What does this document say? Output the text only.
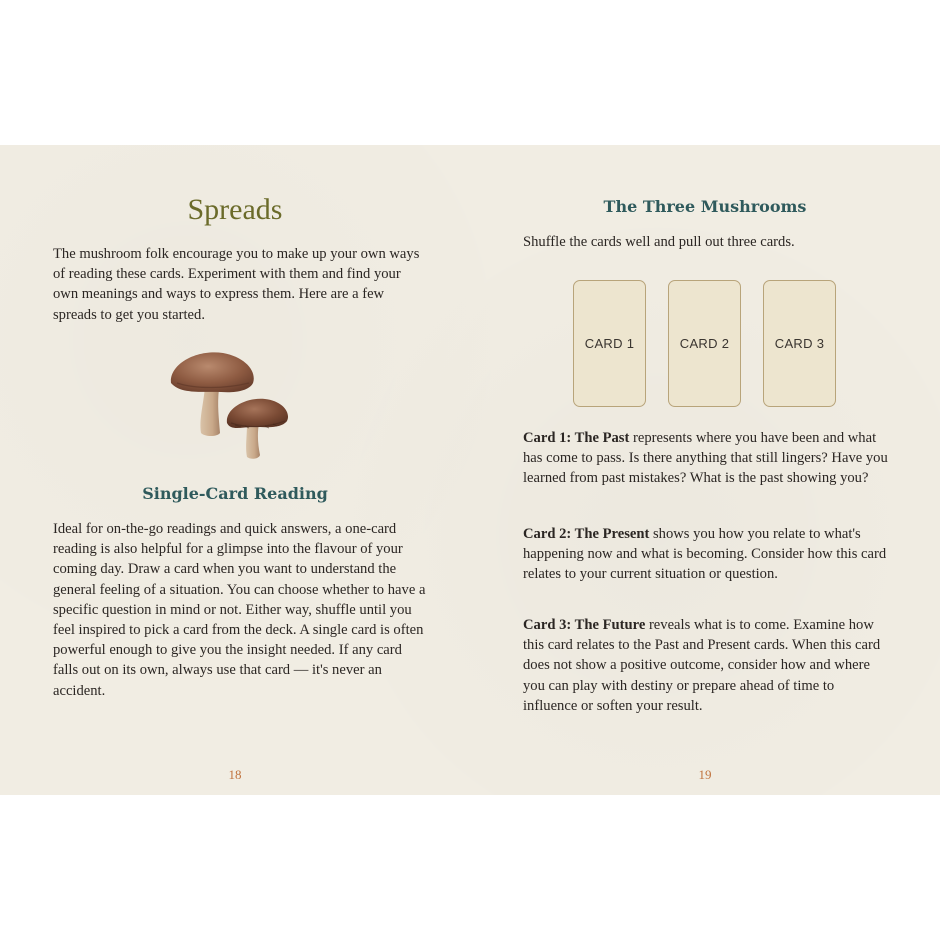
Spreads

The mushroom folk encourage you to make up your own ways of reading these cards. Experiment with them and find your own meanings and ways to express them. Here are a few spreads to get you started.

Single-Card Reading

Ideal for on-the-go readings and quick answers, a one-card reading is also helpful for a glimpse into the flavour of your coming day. Draw a card when you want to understand the general feeling of a situation. You can choose whether to have a specific question in mind or not. Either way, shuffle until you feel inspired to pick a card from the deck. A single card is often powerful enough to give you the insight needed. If any card falls out on its own, always use that card — it's never an accident.

18
The Three Mushrooms

Shuffle the cards well and pull out three cards.

CARD 1	CARD 2	CARD 3

Card 1: The Past represents where you have been and what has come to pass. Is there anything that still lingers? Have you learned from past mistakes? What is the past showing you?

Card 2: The Present shows you how you relate to what's happening now and what is becoming. Consider how this card relates to your current situation or question.

Card 3: The Future reveals what is to come. Examine how this card relates to the Past and Present cards. When this card does not show a positive outcome, consider how and where you can play with destiny or prepare ahead of time to influence or soften your result.

19
